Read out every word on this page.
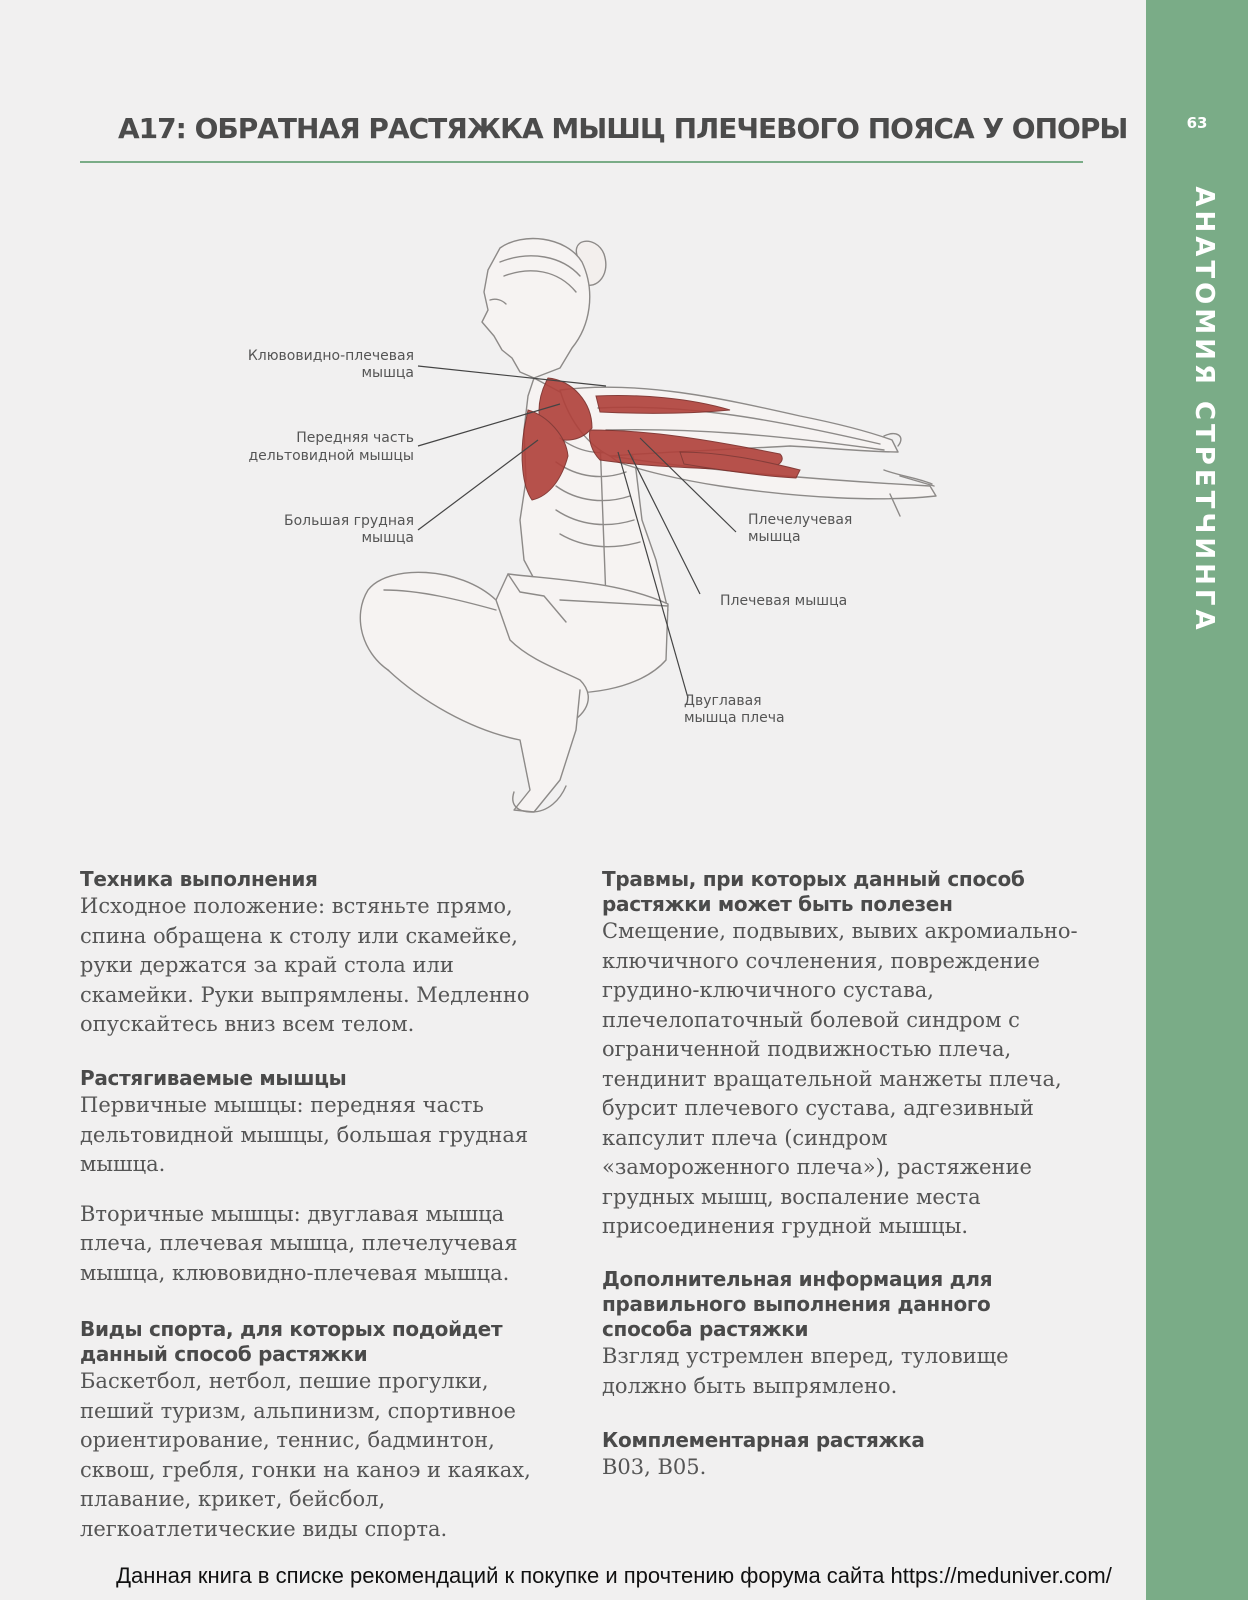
63
АНАТОМИЯ СТРЕТЧИНГА
А17: ОБРАТНАЯ РАСТЯЖКА МЫШЦ ПЛЕЧЕВОГО ПОЯСА У ОПОРЫ
Клювовидно-плечевая
мышца
Передняя часть
дельтовидной мышцы
Большая грудная
мышца
Плечелучевая
мышца
Плечевая мышца
Двуглавая
мышца плеча
Техника выполнения

Исходное положение: встяньте прямо, спина обращена к столу или скамейке, руки держатся за край стола или скамейки. Руки выпрямлены. Медленно опускайтесь вниз всем телом.

Растягиваемые мышцы

Первичные мышцы: передняя часть дельтовидной мышцы, большая грудная мышца.

Вторичные мышцы: двуглавая мышца плеча, плечевая мышца, плечелучевая мышца, клювовидно-плечевая мышца.

Виды спорта, для которых подойдет данный способ растяжки

Баскетбол, нетбол, пешие прогулки, пеший туризм, альпинизм, спортивное ориентирование, теннис, бадминтон, сквош, гребля, гонки на каноэ и каяках, плавание, крикет, бейсбол, легкоатлетические виды спорта.

Травмы, при которых данный способ растяжки может быть полезен

Смещение, подвывих, вывих акромиально-ключичного сочленения, повреждение грудино-ключичного сустава, плечелопаточный болевой синдром с ограниченной подвижностью плеча, тендинит вращательной манжеты плеча, бурсит плечевого сустава, адгезивный капсулит плеча (синдром «замороженного плеча»), растяжение грудных мышц, воспаление места присоединения грудной мышцы.

Дополнительная информация для правильного выполнения данного способа растяжки

Взгляд устремлен вперед, туловище должно быть выпрямлено.

Комплементарная растяжка

В03, В05.

Данная книга в списке рекомендаций к покупке и прочтению форума сайта https://meduniver.com/
